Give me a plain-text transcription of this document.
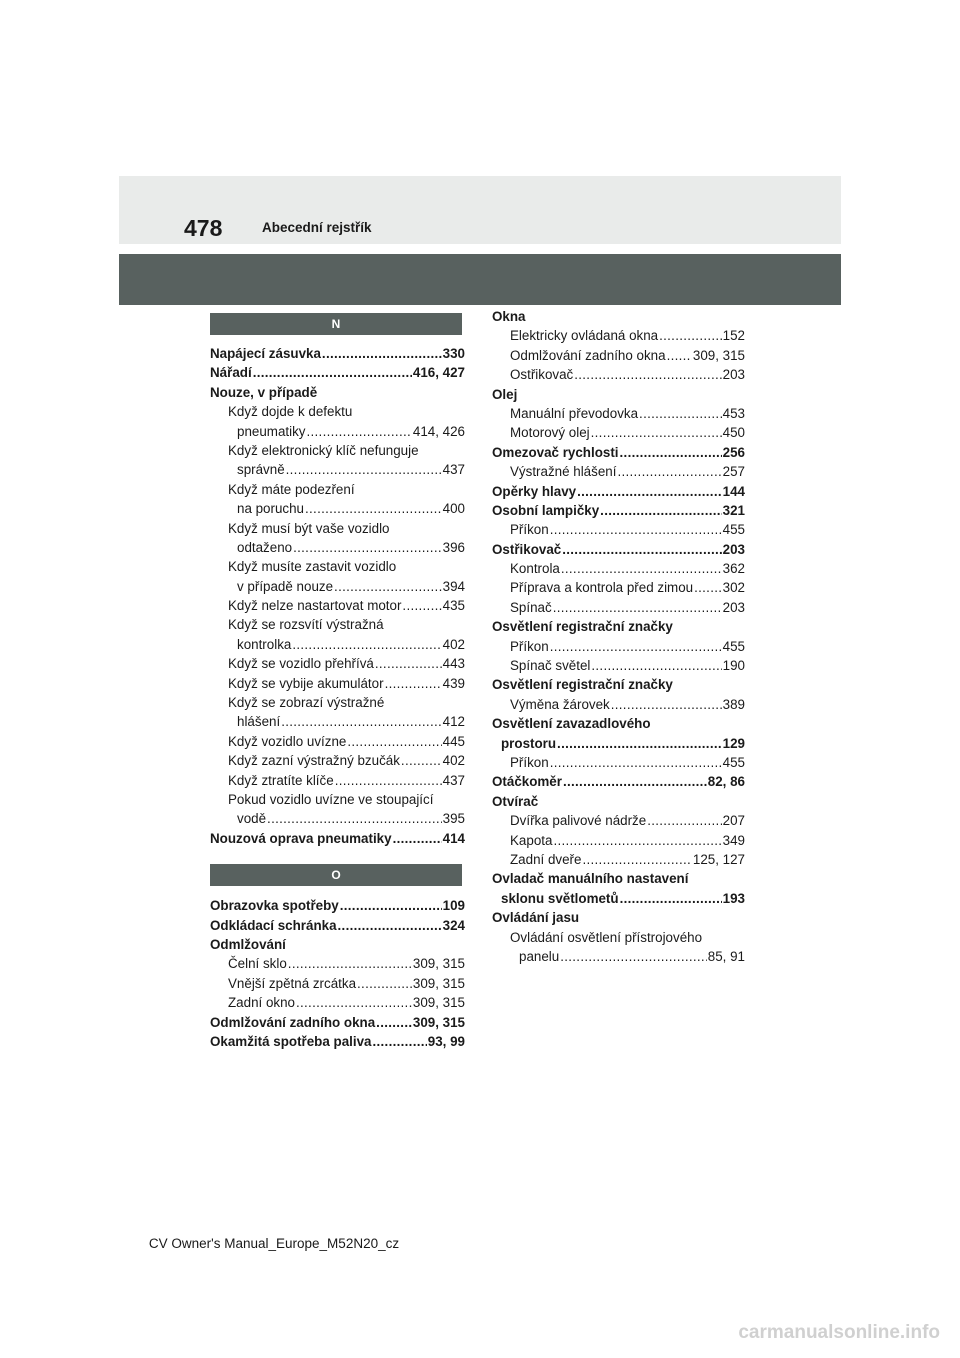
478	Abecední rejstřík
N
Napájecí zásuvka .....	330
Nářadí .....	416, 427
Nouze, v případě
Když dojde k defektu
pneumatiky .....	414, 426
Když elektronický klíč nefunguje
správně .....	437
Když máte podezření
na poruchu .....	400
Když musí být vaše vozidlo
odtaženo .....	396
Když musíte zastavit vozidlo
v případě nouze .....	394
Když nelze nastartovat motor .....	435
Když se rozsvítí výstražná
kontrolka .....	402
Když se vozidlo přehřívá .....	443
Když se vybije akumulátor .....	439
Když se zobrazí výstražné
hlášení .....	412
Když vozidlo uvízne .....	445
Když zazní výstražný bzučák .....	402
Když ztratíte klíče .....	437
Pokud vozidlo uvízne ve stoupající
vodě .....	395
Nouzová oprava pneumatiky .....	414
O
Obrazovka spotřeby .....	109
Odkládací schránka .....	324
Odmlžování
Čelní sklo .....	309, 315
Vnější zpětná zrcátka .....	309, 315
Zadní okno .....	309, 315
Odmlžování zadního okna .....	309, 315
Okamžitá spotřeba paliva .....	93, 99
Okna
Elektricky ovládaná okna .....	152
Odmlžování zadního okna ..... 309, 315
Ostřikovač .....	203
Olej
Manuální převodovka .....	453
Motorový olej .....	450
Omezovač rychlosti .....	256
Výstražné hlášení .....	257
Opěrky hlavy .....	144
Osobní lampičky .....	321
Příkon .....	455
Ostřikovač .....	203
Kontrola .....	362
Příprava a kontrola před zimou ..... 302
Spínač .....	203
Osvětlení registrační značky
Příkon .....	455
Spínač světel .....	190
Osvětlení registrační značky
Výměna žárovek .....	389
Osvětlení zavazadlového
prostoru .....	129
Příkon .....	455
Otáčkoměr .....	82, 86
Otvírač
Dvířka palivové nádrže .....	207
Kapota .....	349
Zadní dveře .....	125, 127
Ovladač manuálního nastavení
sklonu světlometů .....	193
Ovládání jasu
Ovládání osvětlení přístrojového
panelu .....	85, 91
CV Owner's Manual_Europe_M52N20_cz
carmanualsonline.info
